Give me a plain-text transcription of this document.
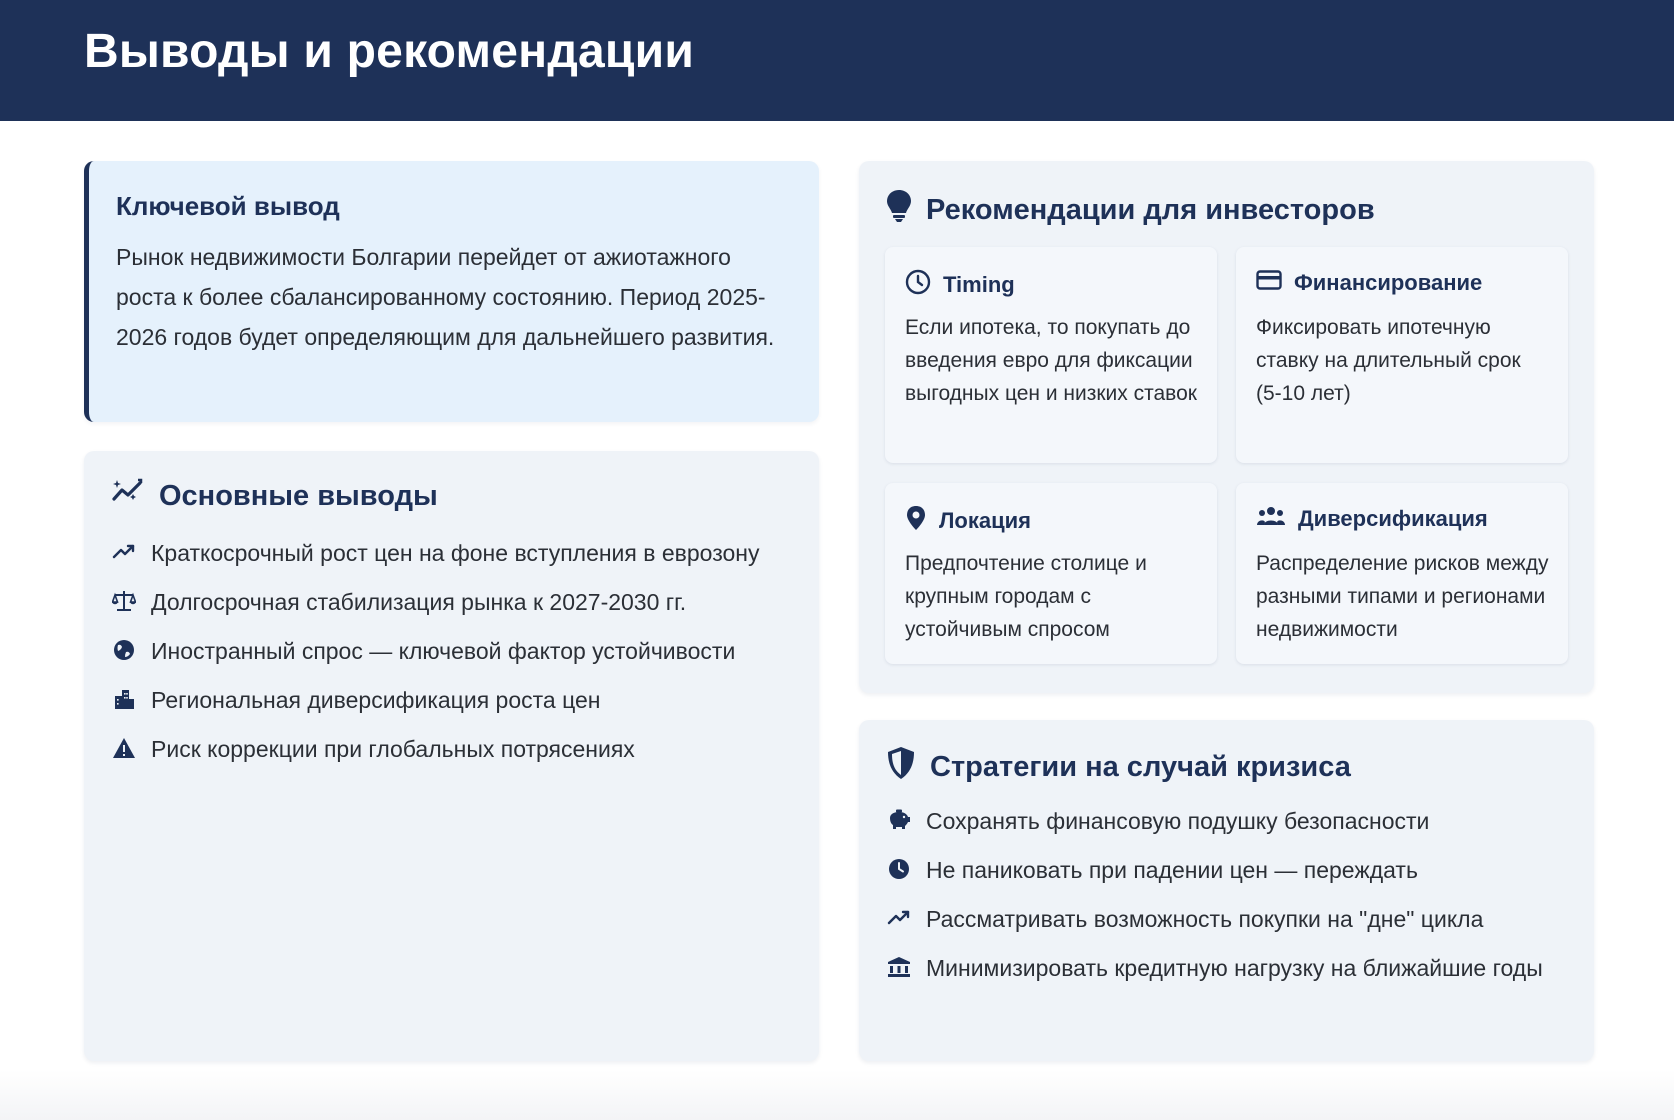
Выводы и рекомендации
Ключевой вывод
Рынок недвижимости Болгарии перейдет от ажиотажного роста к более сбалансированному состоянию. Период 2025-2026 годов будет определяющим для дальнейшего развития.
Основные выводы
Краткосрочный рост цен на фоне вступления в еврозону
Долгосрочная стабилизация рынка к 2027-2030 гг.
Иностранный спрос — ключевой фактор устойчивости
Региональная диверсификация роста цен
Риск коррекции при глобальных потрясениях
Рекомендации для инвесторов
Timing
Если ипотека, то покупать до введения евро для фиксации выгодных цен и низких ставок
Финансирование
Фиксировать ипотечную ставку на длительный срок (5-10 лет)
Локация
Предпочтение столице и крупным городам с устойчивым спросом
Диверсификация
Распределение рисков между разными типами и регионами недвижимости
Стратегии на случай кризиса
Сохранять финансовую подушку безопасности
Не паниковать при падении цен — переждать
Рассматривать возможность покупки на "дне" цикла
Минимизировать кредитную нагрузку на ближайшие годы
